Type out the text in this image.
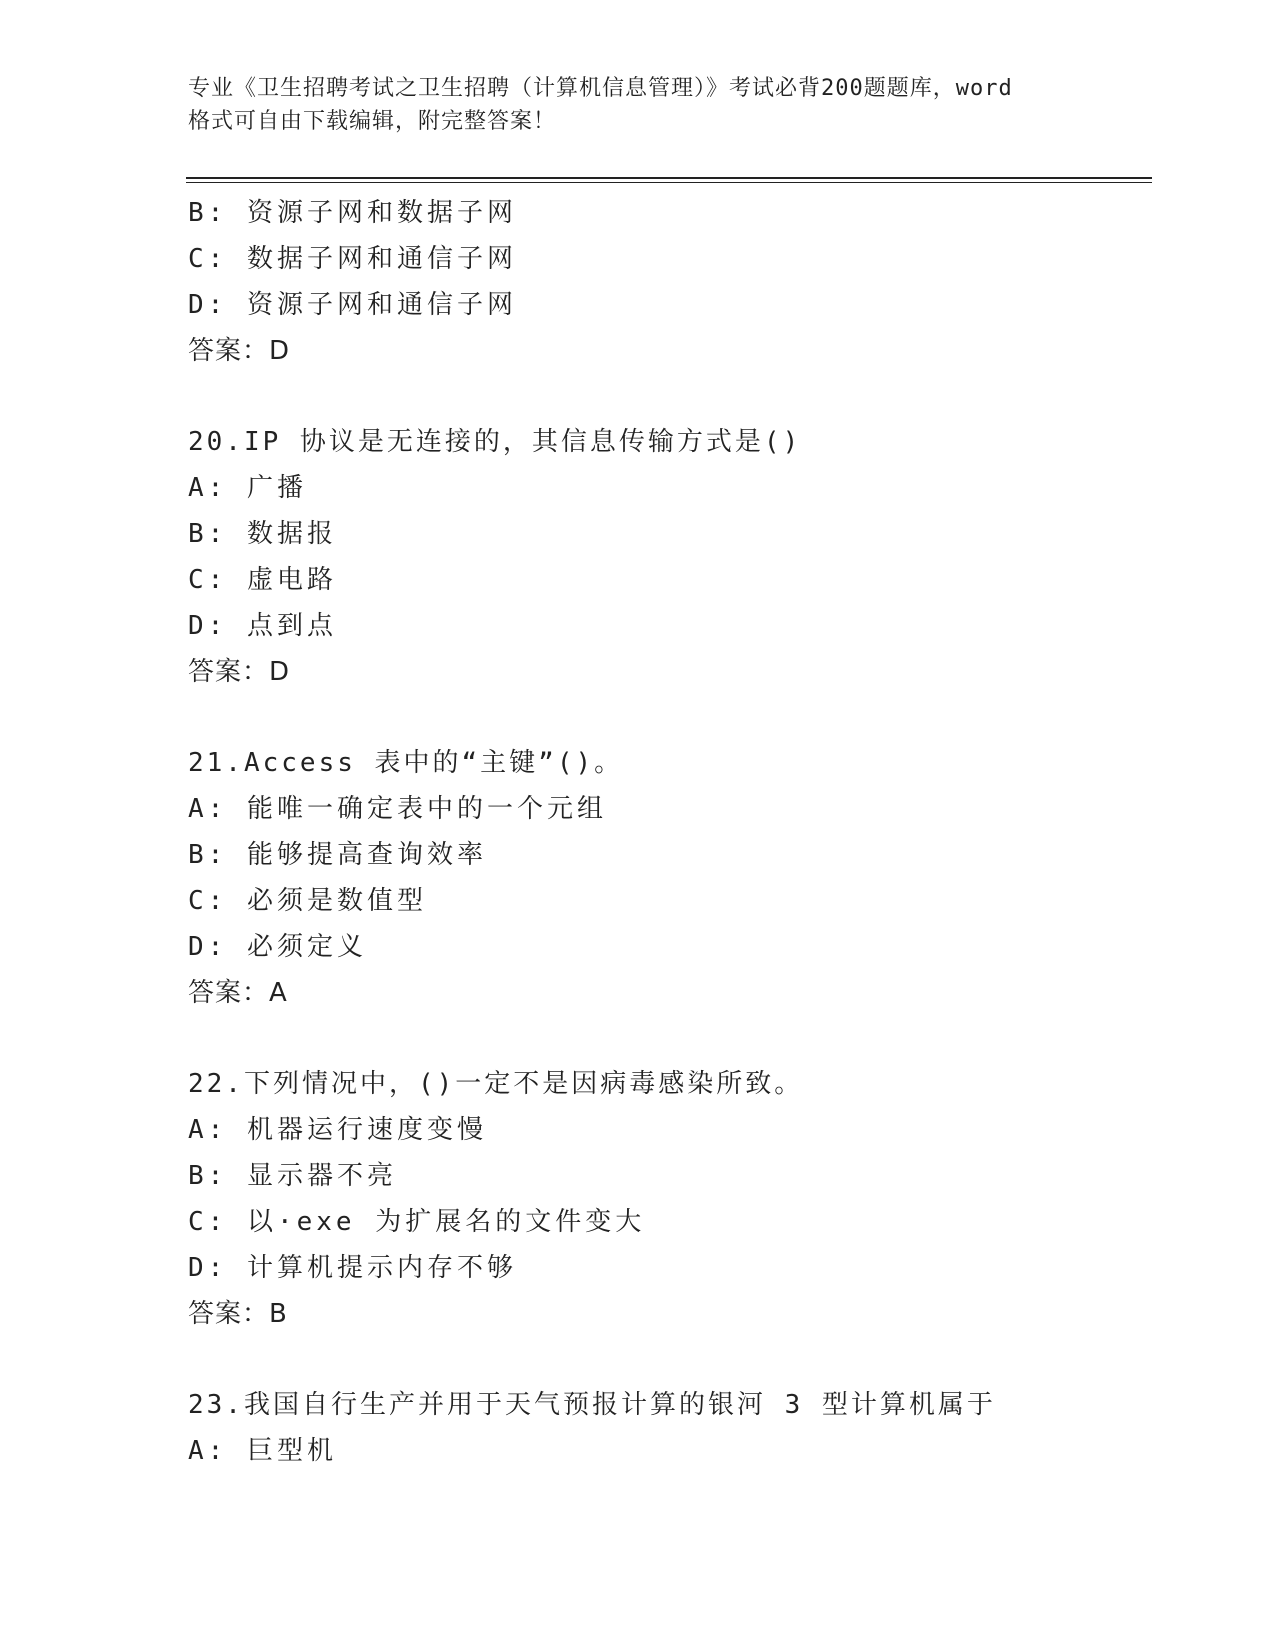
专业《卫生招聘考试之卫生招聘（计算机信息管理）》考试必背200题题库，word
格式可自由下载编辑，附完整答案！
B: 资源子网和数据子网
C: 数据子网和通信子网
D: 资源子网和通信子网
答案：D
20.IP 协议是无连接的，其信息传输方式是()
A: 广播
B: 数据报
C: 虚电路
D: 点到点
答案：D
21.Access 表中的“主键”()。
A: 能唯一确定表中的一个元组
B: 能够提高查询效率
C: 必须是数值型
D: 必须定义
答案：A
22.下列情况中，()一定不是因病毒感染所致。
A: 机器运行速度变慢
B: 显示器不亮
C: 以·exe 为扩展名的文件变大
D: 计算机提示内存不够
答案：B
23.我国自行生产并用于天气预报计算的银河 3 型计算机属于
A: 巨型机
